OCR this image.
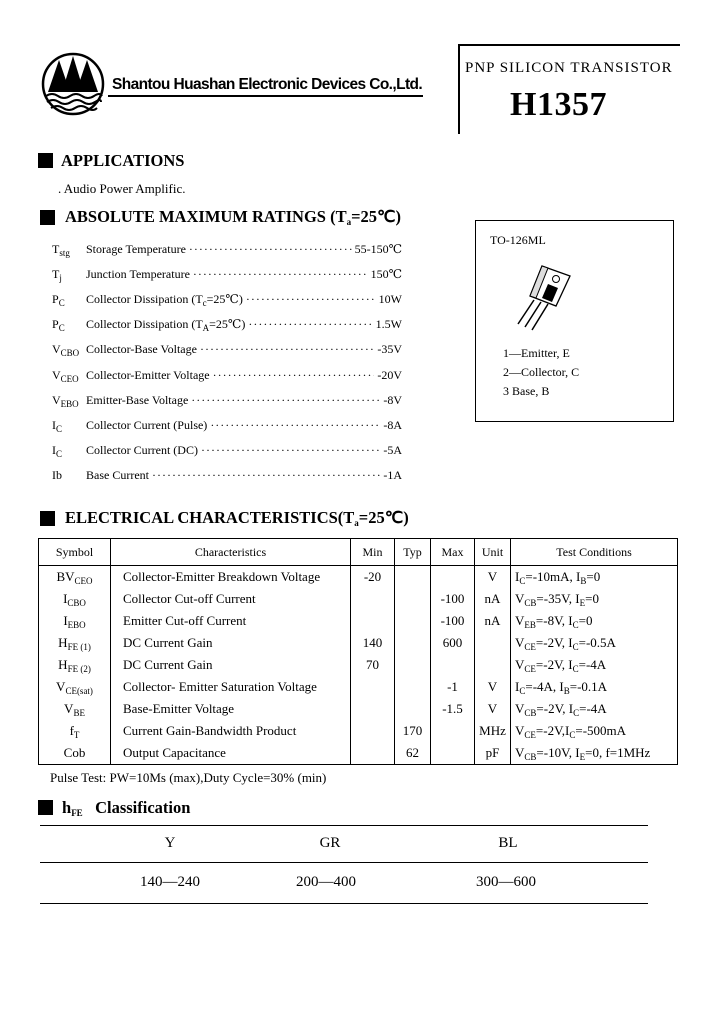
Shantou Huashan Electronic Devices Co.,Ltd.
PNP SILICON TRANSISTOR
H1357
APPLICATIONS
. Audio Power Amplific.
ABSOLUTE MAXIMUM RATINGS $(T_a=25℃)$
$T_{stg}$	Storage Temperature ·····	55-150℃
$T_j$	Junction Temperature ·····	150℃
$P_C$	Collector Dissipation $(T_c=25℃)$ ·····	10W
$P_C$	Collector Dissipation $(T_A=25℃)$ ·····	1.5W
$V_{CBO}$ Collector-Base Voltage ·····	-35V
$V_{CEO}$ Collector-Emitter Voltage ·····	-20V
$V_{EBO}$ Emitter-Base Voltage ·····	-8V
$I_C$	Collector Current (Pulse) ·····	-8A
$I_C$	Collector Current (DC) ·····	-5A
Ib	Base Current ·····	-1A
TO-126ML
1—Emitter, E
2—Collector, C
3 Base, B
ELECTRICAL $CHARACTERISTICS(T_a=25℃)$
Symbol	Characteristics	Min	Typ	Max	Unit	Test Conditions
$BV_{CEO}$	Collector-Emitter Breakdown Voltage	-20			V	$I_C=-10mA$, $I_B=0$
$I_{CBO}$	Collector Cut-off Current			-100	nA	$V_{CB}=-35V$, $I_E=0$
$I_{EBO}$	Emitter Cut-off Current			-100	nA	$V_{EB}=-8V$, $I_C=0$
$H_{FE (1)}$	DC Current Gain	140		600		$V_{CE}=-2V$, $I_C=-0.5A$
$H_{FE (2)}$	DC Current Gain	70				$V_{CE}=-2V$, $I_C=-4A$
$V_{CE(sat)}$	Collector- Emitter Saturation Voltage			-1	V	$I_C=-4A$, $I_B=-0.1A$
$V_{BE}$	Base-Emitter Voltage			-1.5	V	$V_{CB}=-2V$, $I_C=-4A$
$f_T$	Current Gain-Bandwidth Product		170		MHz	$V_{CE}=-2V,I_C=-500mA$
Cob	Output Capacitance		62		pF	$V_{CB}=-10V$, $I_E=0$, f=1MHz
Pulse Test: PW=10Ms (max),Duty Cycle=30% (min)
$h_{FE}$ Classification
Y	GR	BL
140—240	200—400	300—600
